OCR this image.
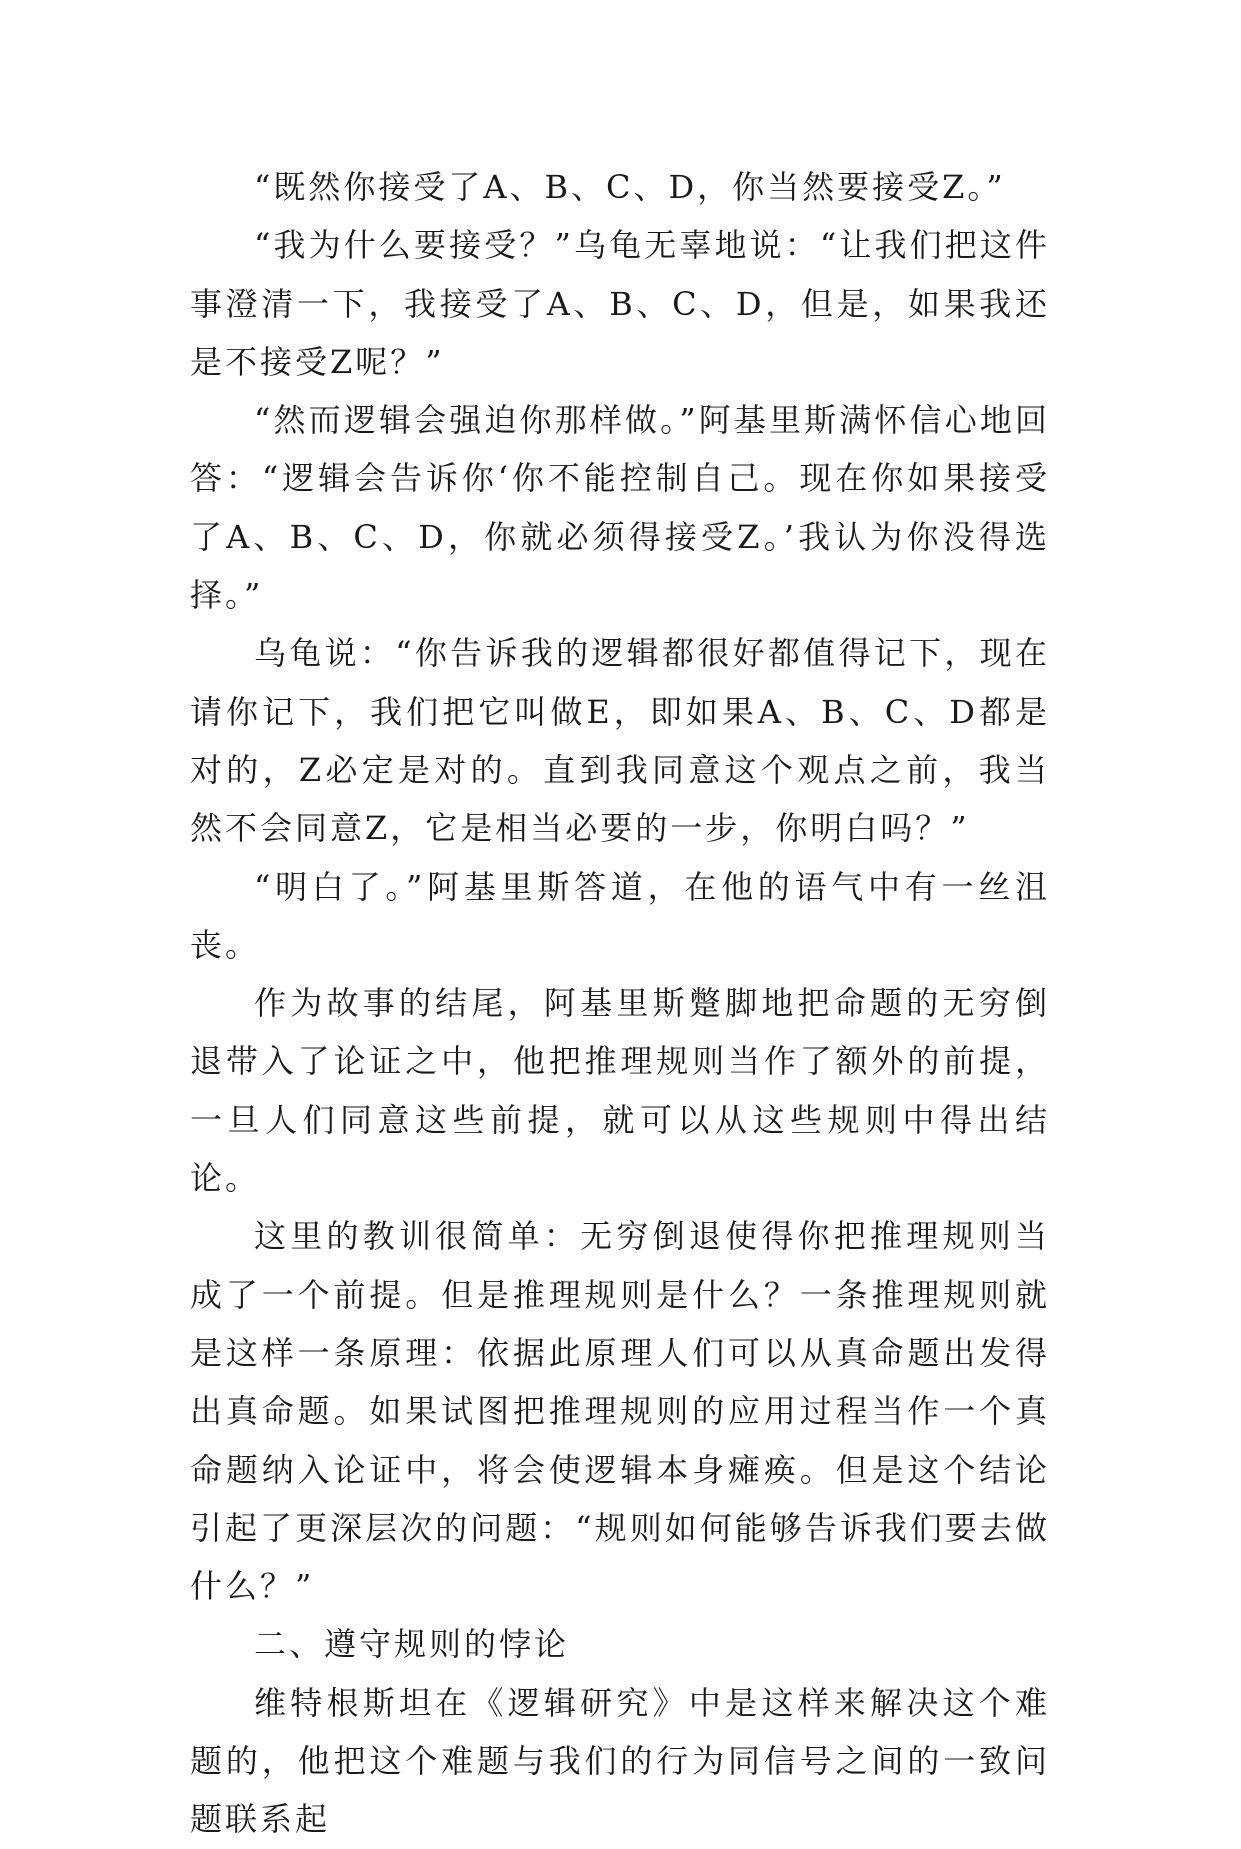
“既然你接受了A、B、C、D，你当然要接受Z。”

“我为什么要接受？”乌龟无辜地说：“让我们把这件事澄清一下，我接受了A、B、C、D，但是，如果我还是不接受Z呢？”

“然而逻辑会强迫你那样做。”阿基里斯满怀信心地回答：“逻辑会告诉你‘你不能控制自己。现在你如果接受了A、B、C、D，你就必须得接受Z。’我认为你没得选择。”

乌龟说：“你告诉我的逻辑都很好都值得记下，现在请你记下，我们把它叫做E，即如果A、B、C、D都是对的，Z必定是对的。直到我同意这个观点之前，我当然不会同意Z，它是相当必要的一步，你明白吗？”

“明白了。”阿基里斯答道，在他的语气中有一丝沮丧。

作为故事的结尾，阿基里斯蹩脚地把命题的无穷倒退带入了论证之中，他把推理规则当作了额外的前提，一旦人们同意这些前提，就可以从这些规则中得出结论。

这里的教训很简单：无穷倒退使得你把推理规则当成了一个前提。但是推理规则是什么？一条推理规则就是这样一条原理：依据此原理人们可以从真命题出发得出真命题。如果试图把推理规则的应用过程当作一个真命题纳入论证中，将会使逻辑本身瘫痪。但是这个结论引起了更深层次的问题：“规则如何能够告诉我们要去做什么？”

二、遵守规则的悖论

维特根斯坦在《逻辑研究》中是这样来解决这个难题的，他把这个难题与我们的行为同信号之间的一致问题联系起
